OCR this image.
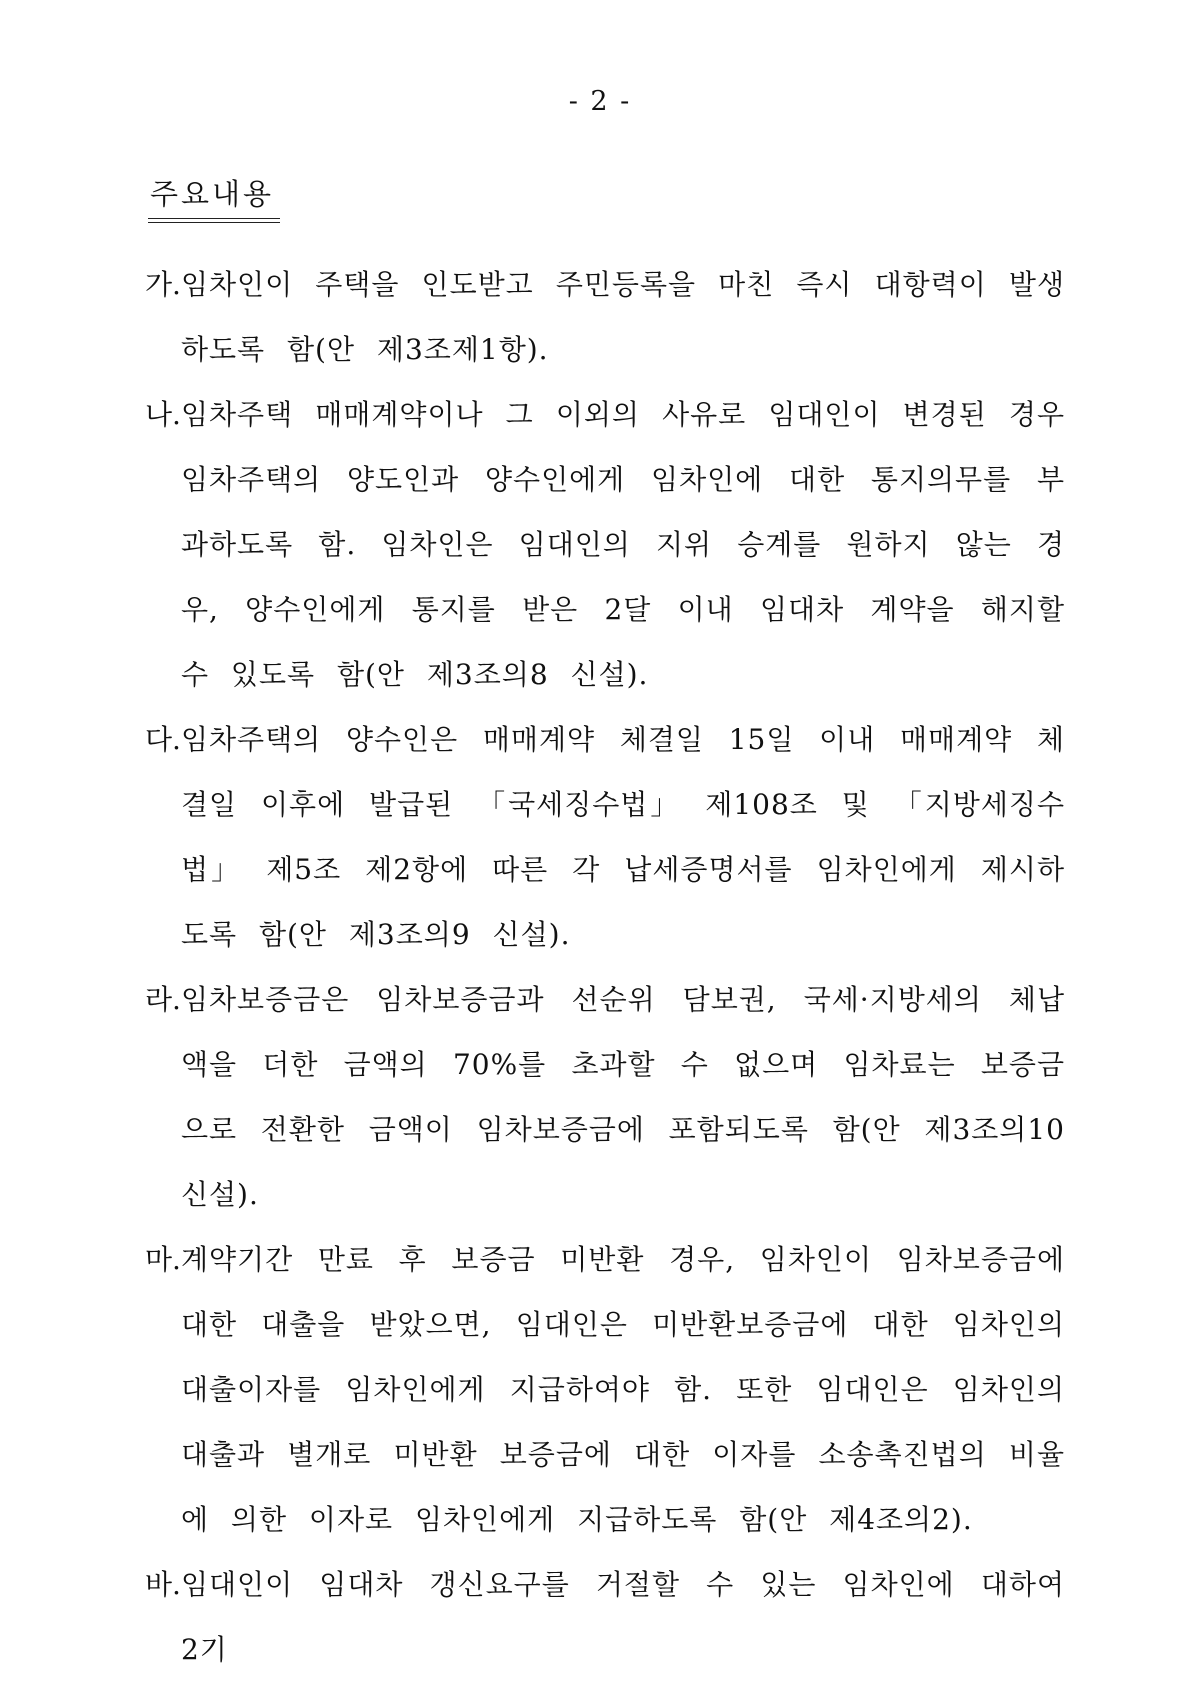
- 2 -
주요내용
가. 임차인이 주택을 인도받고 주민등록을 마친 즉시 대항력이 발생하도록 함(안 제3조제1항).
나. 임차주택 매매계약이나 그 이외의 사유로 임대인이 변경된 경우 임차주택의 양도인과 양수인에게 임차인에 대한 통지의무를 부과하도록 함. 임차인은 임대인의 지위 승계를 원하지 않는 경우, 양수인에게 통지를 받은 2달 이내 임대차 계약을 해지할 수 있도록 함(안 제3조의8 신설).
다. 임차주택의 양수인은 매매계약 체결일 15일 이내 매매계약 체결일 이후에 발급된 「국세징수법」 제108조 및 「지방세징수법」 제5조 제2항에 따른 각 납세증명서를 임차인에게 제시하도록 함(안 제3조의9 신설).
라. 임차보증금은 임차보증금과 선순위 담보권, 국세·지방세의 체납액을 더한 금액의 70%를 초과할 수 없으며 임차료는 보증금으로 전환한 금액이 임차보증금에 포함되도록 함(안 제3조의10 신설).
마. 계약기간 만료 후 보증금 미반환 경우, 임차인이 임차보증금에 대한 대출을 받았으면, 임대인은 미반환보증금에 대한 임차인의 대출이자를 임차인에게 지급하여야 함. 또한 임대인은 임차인의 대출과 별개로 미반환 보증금에 대한 이자를 소송촉진법의 비율에 의한 이자로 임차인에게 지급하도록 함(안 제4조의2).
바. 임대인이 임대차 갱신요구를 거절할 수 있는 임차인에 대하여 2기
